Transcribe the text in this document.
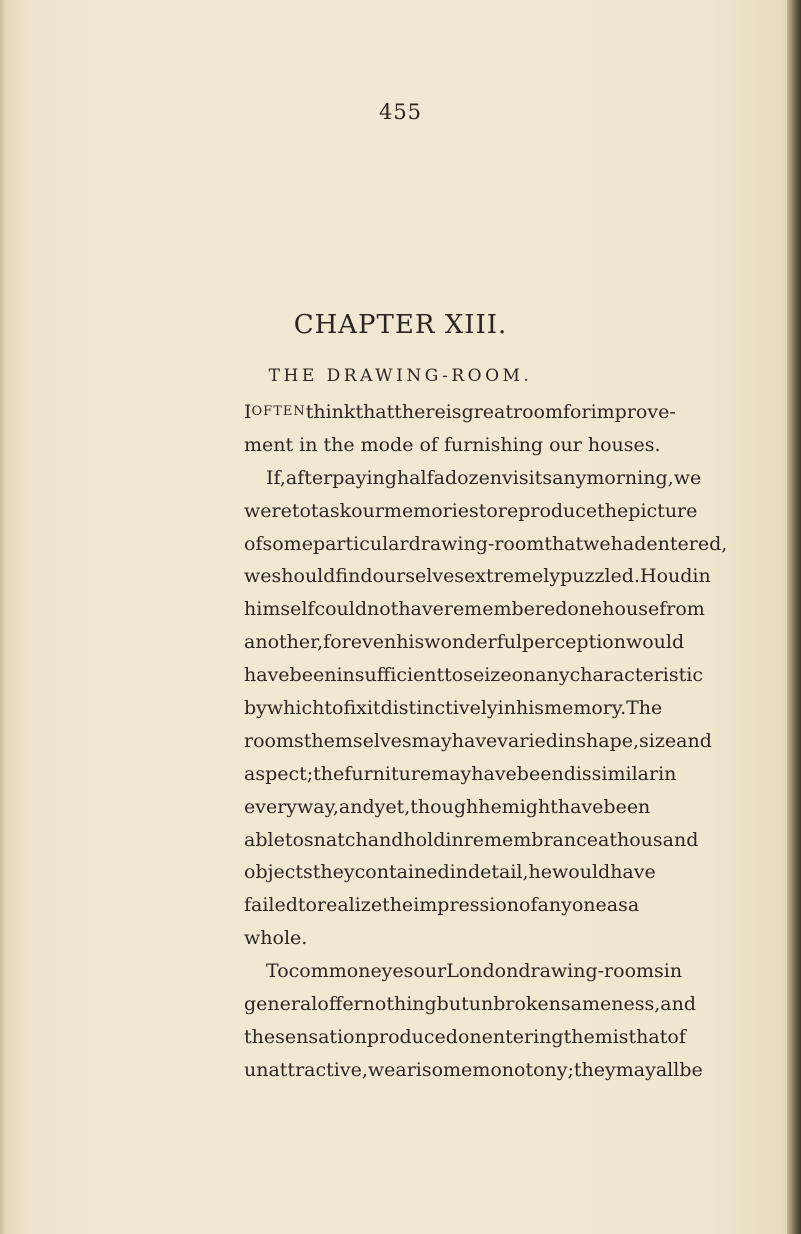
455
CHAPTER XIII.
THE DRAWING-ROOM.
I OFTEN think that there is great room for improve-
ment in the mode of furnishing our houses.
If, after paying half a dozen visits any morning, we
were to task our memories to reproduce the picture
of some particular drawing-room that we had entered,
we should find ourselves extremely puzzled. Houdin
himself could not have remembered one house from
another, for even his wonderful perception would
have been insufficient to seize on any characteristic
by which to fix it distinctively in his memory. The
rooms themselves may have varied in shape, size and
aspect; the furniture may have been dissimilar in
every way, and yet, though he might have been
able to snatch and hold in remembrance a thousand
objects they contained in detail, he would have
failed to realize the impression of any one as a
whole.
To common eyes our London drawing-rooms in
general offer nothing but unbroken sameness, and
the sensation produced on entering them is that of
unattractive, wearisome monotony; they may all be
